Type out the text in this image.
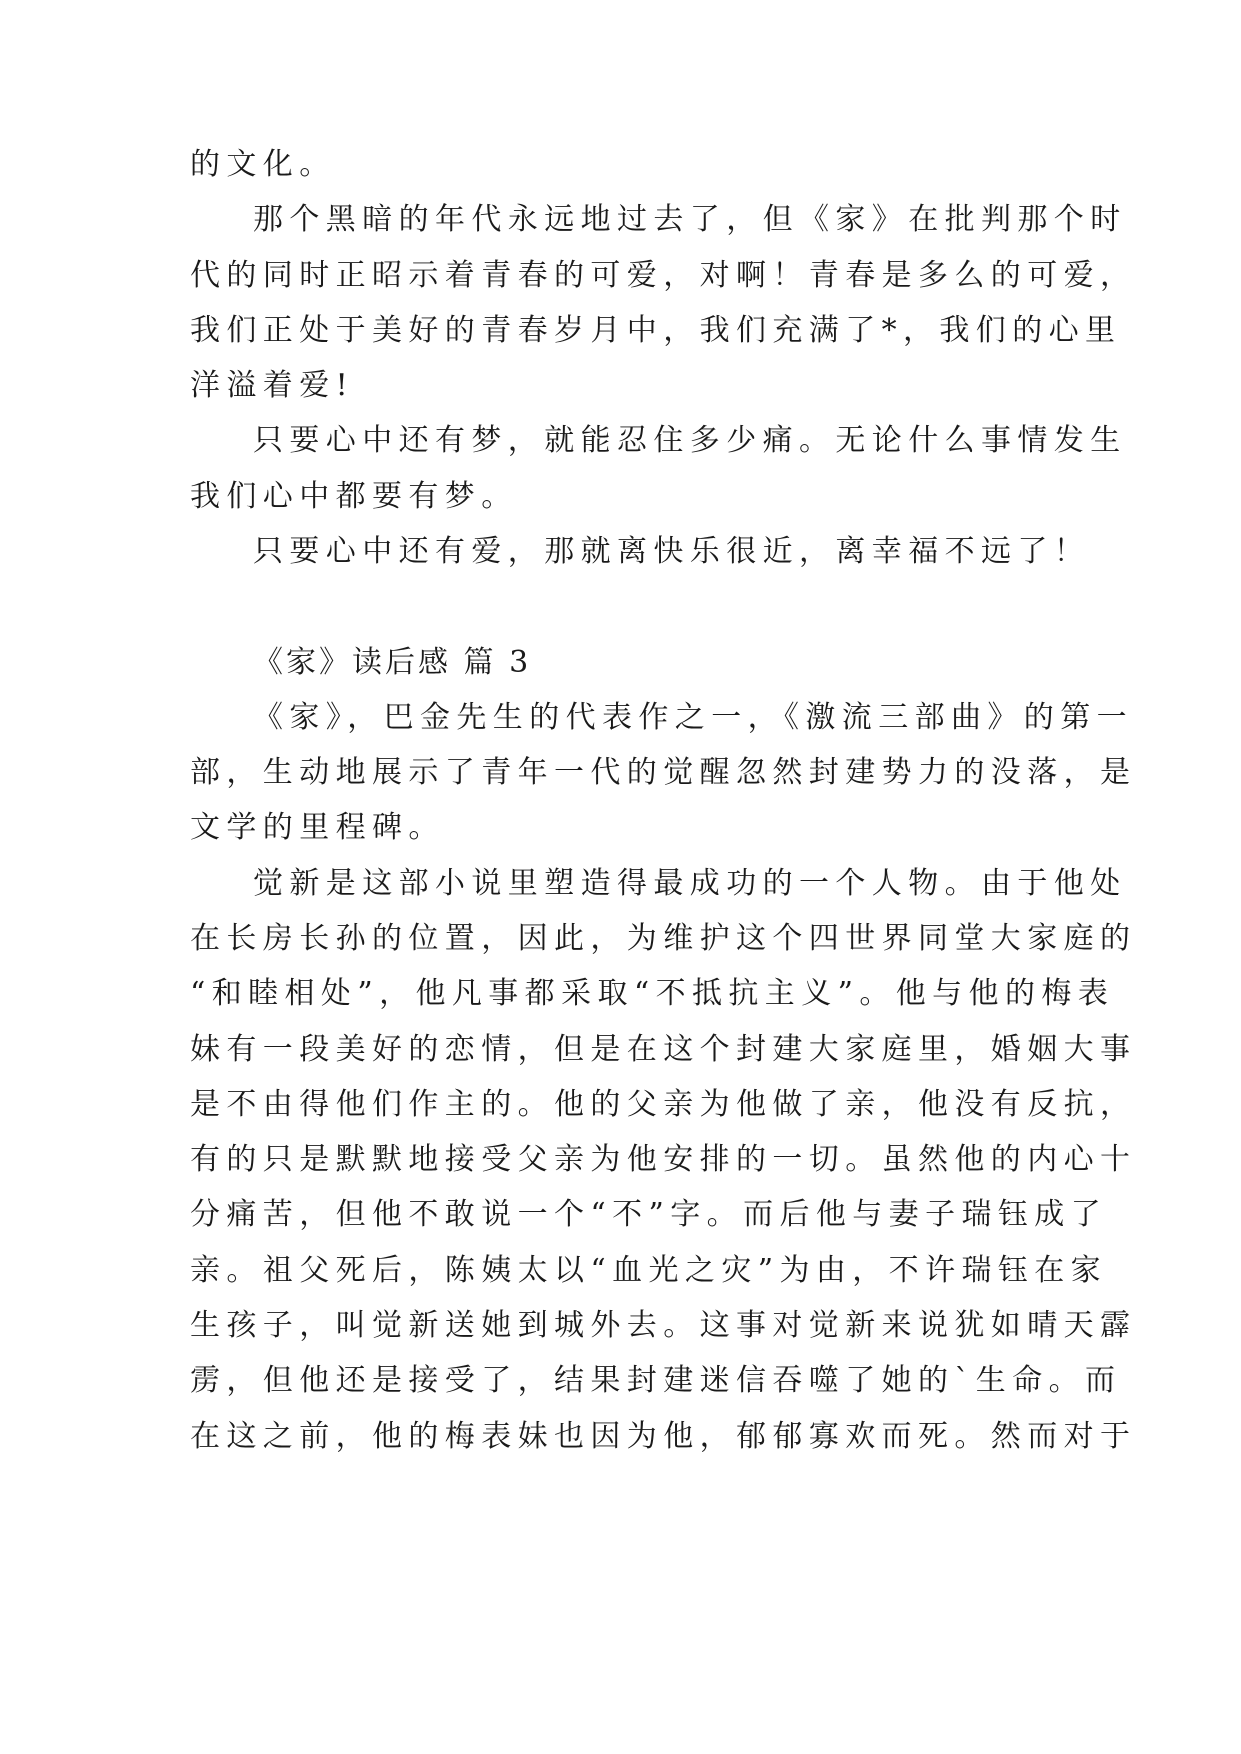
的文化。

那个黑暗的年代永远地过去了，但《家》在批判那个时

代的同时正昭示着青春的可爱，对啊！青春是多么的可爱，

我们正处于美好的青春岁月中，我们充满了*，我们的心里

洋溢着爱!

只要心中还有梦，就能忍住多少痛。无论什么事情发生

我们心中都要有梦。

只要心中还有爱，那就离快乐很近，离幸福不远了！

《家》读后感 篇 3

《家》，巴金先生的代表作之一，《激流三部曲》的第一

部，生动地展示了青年一代的觉醒忽然封建势力的没落，是

文学的里程碑。

觉新是这部小说里塑造得最成功的一个人物。由于他处

在长房长孙的位置，因此，为维护这个四世界同堂大家庭的

“和睦相处”，他凡事都采取“不抵抗主义”。他与他的梅表

妹有一段美好的恋情，但是在这个封建大家庭里，婚姻大事

是不由得他们作主的。他的父亲为他做了亲，他没有反抗，

有的只是默默地接受父亲为他安排的一切。虽然他的内心十

分痛苦，但他不敢说一个“不”字。而后他与妻子瑞钰成了

亲。祖父死后，陈姨太以“血光之灾”为由，不许瑞钰在家

生孩子，叫觉新送她到城外去。这事对觉新来说犹如晴天霹

雳，但他还是接受了，结果封建迷信吞噬了她的`生命。而

在这之前，他的梅表妹也因为他，郁郁寡欢而死。然而对于
